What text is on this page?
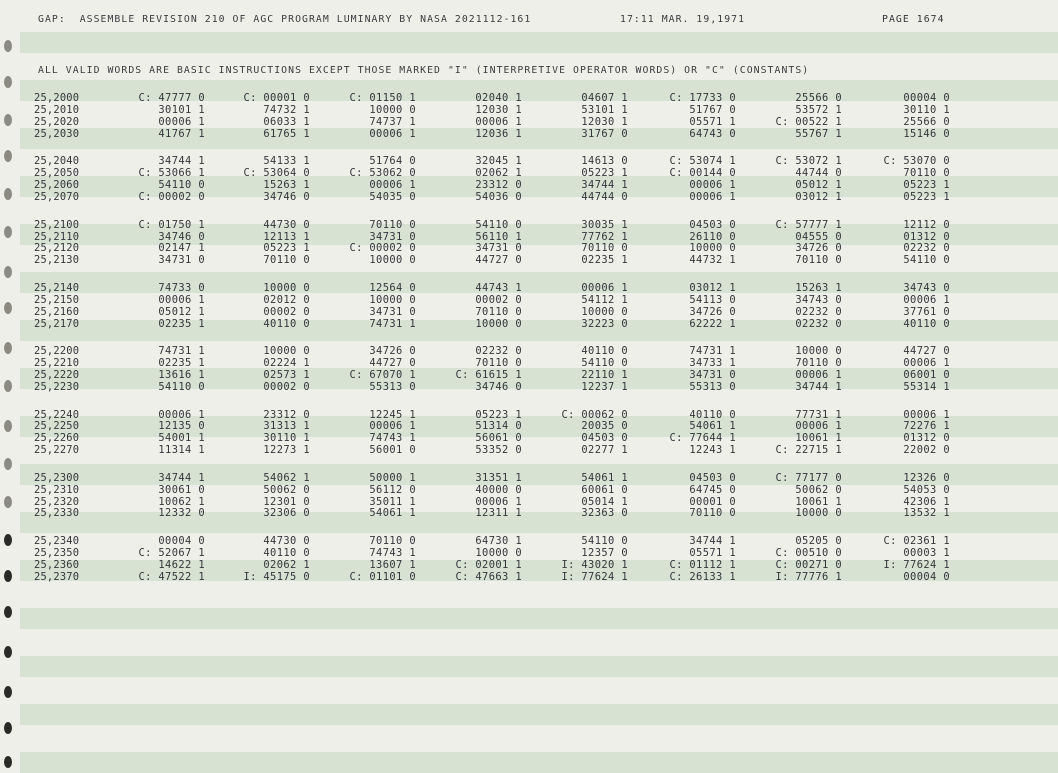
GAP:  ASSEMBLE REVISION 210 OF AGC PROGRAM LUMINARY BY NASA 2021112-161	17:11 MAR. 19,1971	PAGE 1674
ALL VALID WORDS ARE BASIC INSTRUCTIONS EXCEPT THOSE MARKED "I" (INTERPRETIVE OPERATOR WORDS) OR "C" (CONSTANTS)
25,2000	C: 47777 0	C: 00001 0	C: 01150 1	02040 1	04607 1	C: 17733 0	25566 0	00004 0
25,2010	30101 1	74732 1	10000 0	12030 1	53101 1	51767 0	53572 1	30110 1
25,2020	00006 1	06033 1	74737 1	00006 1	12030 1	05571 1	C: 00522 1	25566 0
25,2030	41767 1	61765 1	00006 1	12036 1	31767 0	64743 0	55767 1	15146 0
25,2040	34744 1	54133 1	51764 0	32045 1	14613 0	C: 53074 1	C: 53072 1	C: 53070 0
25,2050	C: 53066 1	C: 53064 0	C: 53062 0	02062 1	05223 1	C: 00144 0	44744 0	70110 0
25,2060	54110 0	15263 1	00006 1	23312 0	34744 1	00006 1	05012 1	05223 1
25,2070	C: 00002 0	34746 0	54035 0	54036 0	44744 0	00006 1	03012 1	05223 1
25,2100	C: 01750 1	44730 0	70110 0	54110 0	30035 1	04503 0	C: 57777 1	12112 0
25,2110	34746 0	12113 1	34731 0	56110 1	77762 1	26110 0	04555 0	01312 0
25,2120	02147 1	05223 1	C: 00002 0	34731 0	70110 0	10000 0	34726 0	02232 0
25,2130	34731 0	70110 0	10000 0	44727 0	02235 1	44732 1	70110 0	54110 0
25,2140	74733 0	10000 0	12564 0	44743 1	00006 1	03012 1	15263 1	34743 0
25,2150	00006 1	02012 0	10000 0	00002 0	54112 1	54113 0	34743 0	00006 1
25,2160	05012 1	00002 0	34731 0	70110 0	10000 0	34726 0	02232 0	37761 0
25,2170	02235 1	40110 0	74731 1	10000 0	32223 0	62222 1	02232 0	40110 0
25,2200	74731 1	10000 0	34726 0	02232 0	40110 0	74731 1	10000 0	44727 0
25,2210	02235 1	02224 1	44727 0	70110 0	54110 0	34733 1	70110 0	00006 1
25,2220	13616 1	02573 1	C: 67070 1	C: 61615 1	22110 1	34731 0	00006 1	06001 0
25,2230	54110 0	00002 0	55313 0	34746 0	12237 1	55313 0	34744 1	55314 1
25,2240	00006 1	23312 0	12245 1	05223 1	C: 00062 0	40110 0	77731 1	00006 1
25,2250	12135 0	31313 1	00006 1	51314 0	20035 0	54061 1	00006 1	72276 1
25,2260	54001 1	30110 1	74743 1	56061 0	04503 0	C: 77644 1	10061 1	01312 0
25,2270	11314 1	12273 1	56001 0	53352 0	02277 1	12243 1	C: 22715 1	22002 0
25,2300	34744 1	54062 1	50000 1	31351 1	54061 1	04503 0	C: 77177 0	12326 0
25,2310	30061 0	50062 0	56112 0	40000 0	60061 0	64745 0	50062 0	54053 0
25,2320	10062 1	12301 0	35011 1	00006 1	05014 1	00001 0	10061 1	42306 1
25,2330	12332 0	32306 0	54061 1	12311 1	32363 0	70110 0	10000 0	13532 1
25,2340	00004 0	44730 0	70110 0	64730 1	54110 0	34744 1	05205 0	C: 02361 1
25,2350	C: 52067 1	40110 0	74743 1	10000 0	12357 0	05571 1	C: 00510 0	00003 1
25,2360	14622 1	02062 1	13607 1	C: 02001 1	I: 43020 1	C: 01112 1	C: 00271 0	I: 77624 1
25,2370	C: 47522 1	I: 45175 0	C: 01101 0	C: 47663 1	I: 77624 1	C: 26133 1	I: 77776 1	00004 0
